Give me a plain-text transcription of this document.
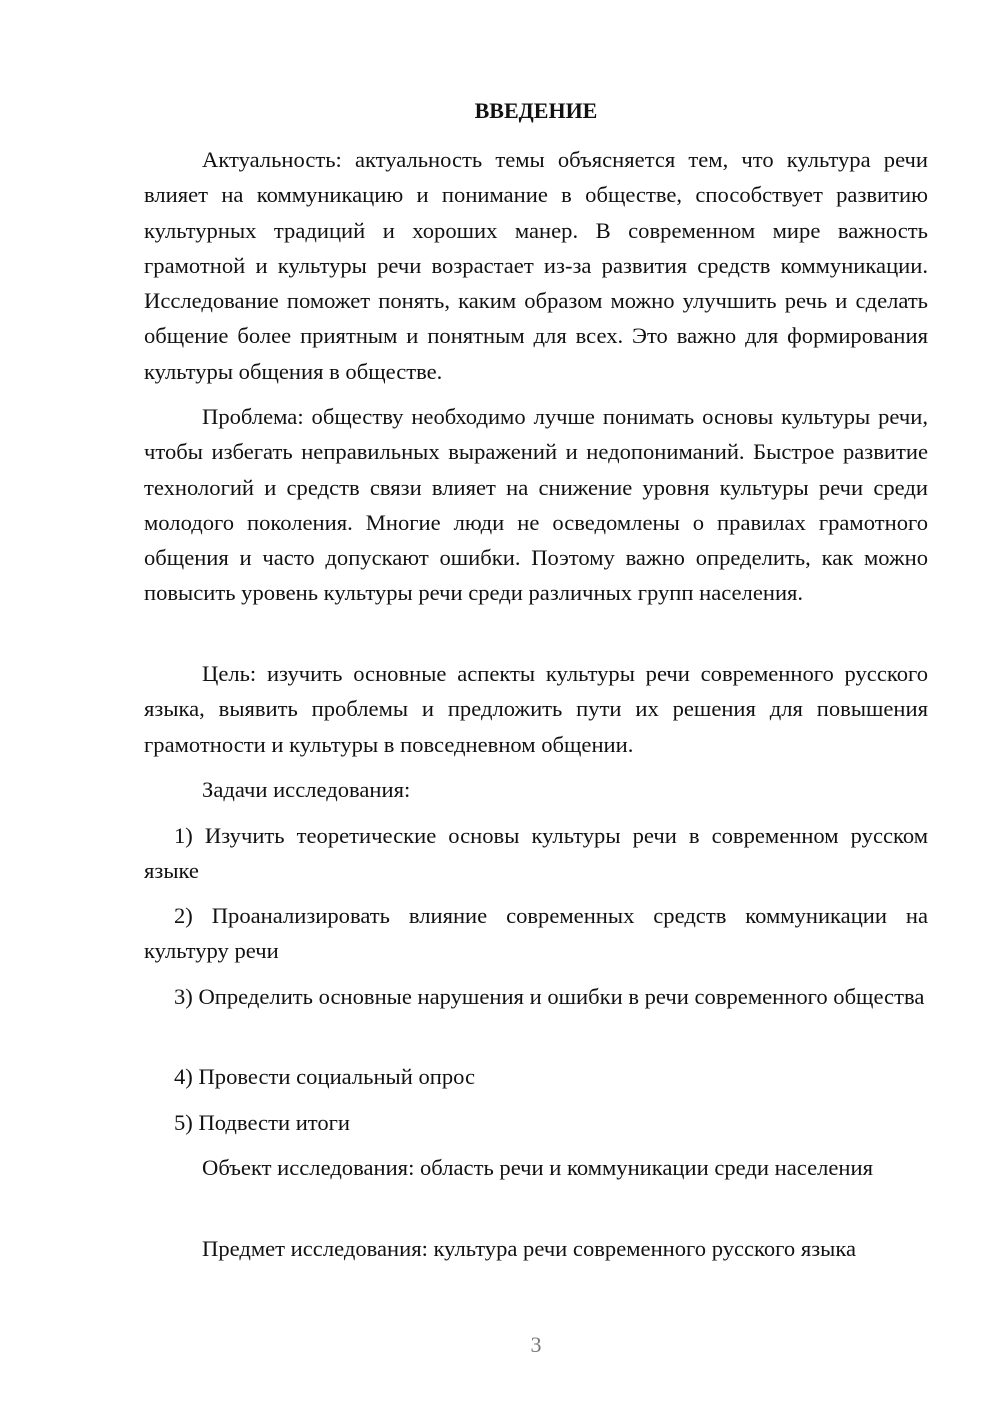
ВВЕДЕНИЕ

Актуальность: актуальность темы объясняется тем, что культура речи влияет на коммуникацию и понимание в обществе, способствует развитию культурных традиций и хороших манер. В современном мире важность грамотной и культуры речи возрастает из-за развития средств коммуникации. Исследование поможет понять, каким образом можно улучшить речь и сделать общение более приятным и понятным для всех. Это важно для формирования культуры общения в обществе.

Проблема: обществу необходимо лучше понимать основы культуры речи, чтобы избегать неправильных выражений и недопониманий. Быстрое развитие технологий и средств связи влияет на снижение уровня культуры речи среди молодого поколения. Многие люди не осведомлены о правилах грамотного общения и часто допускают ошибки. Поэтому важно определить, как можно повысить уровень культуры речи среди различных групп населения.

Цель: изучить основные аспекты культуры речи современного русского языка, выявить проблемы и предложить пути их решения для повышения грамотности и культуры в повседневном общении.

Задачи исследования:

1) Изучить теоретические основы культуры речи в современном русском языке

2) Проанализировать влияние современных средств коммуникации на культуру речи

3) Определить основные нарушения и ошибки в речи современного общества

4) Провести социальный опрос

5) Подвести итоги

Объект исследования: область речи и коммуникации среди населения

Предмет исследования: культура речи современного русского языка

3
